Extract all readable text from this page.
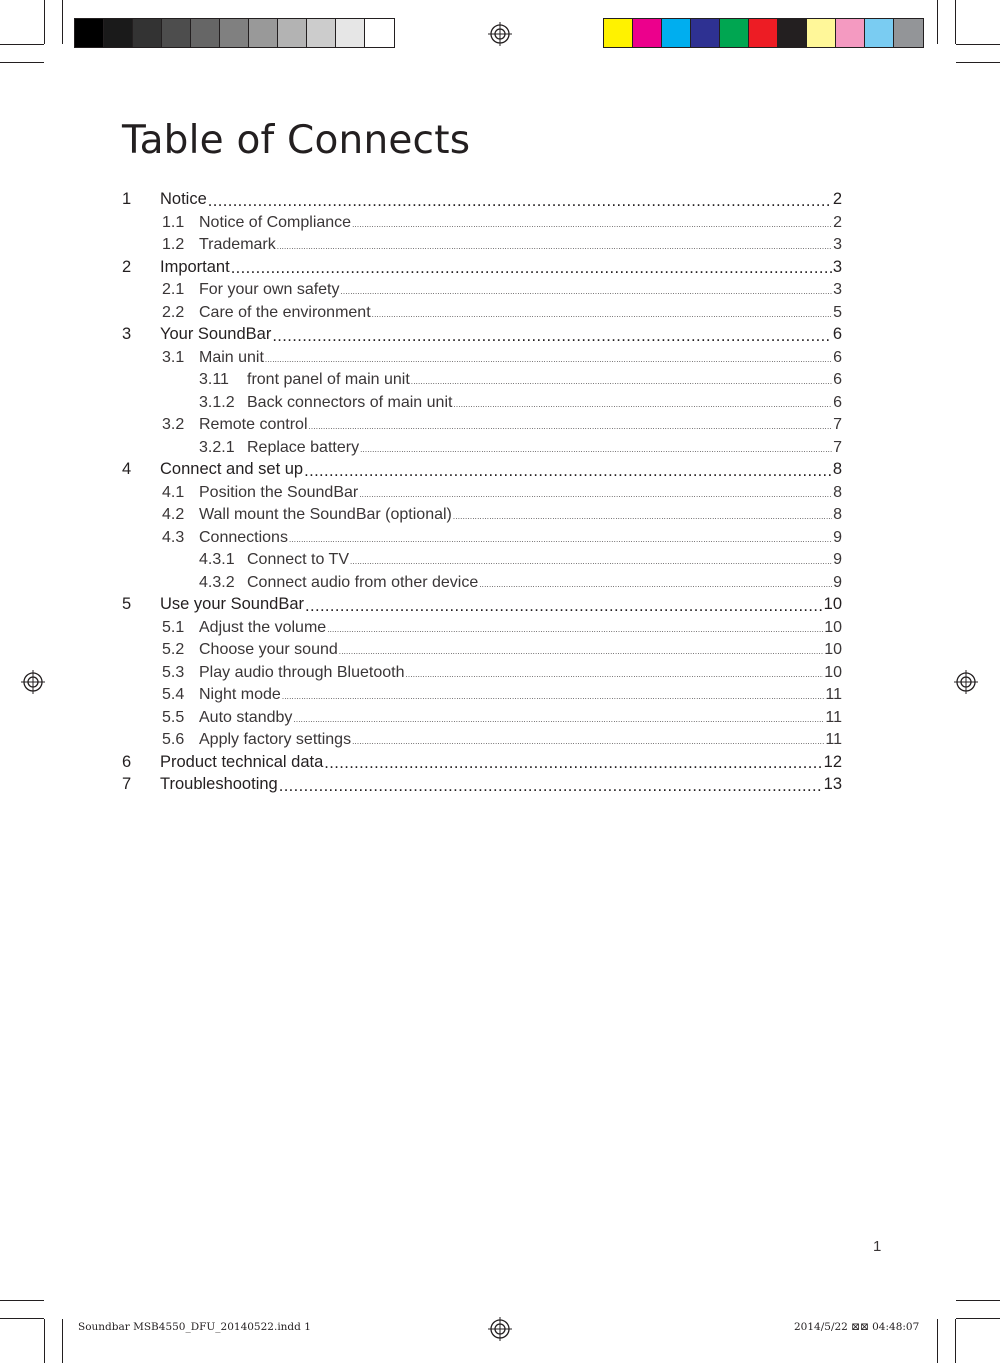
Table of Connects
1 Notice .....	2
1.1 Notice of Compliance .....	2
1.2 Trademark .....	3
2 Important .....	3
2.1 For your own safety .....	3
2.2 Care of the environment .....	5
3 Your SoundBar .....	6
3.1 Main unit .....	6
3.11 front panel of main unit .....	6
3.1.2 Back connectors of main unit .....	6
3.2 Remote control .....	7
3.2.1 Replace battery .....	7
4 Connect and set up .....	8
4.1 Position the SoundBar .....	8
4.2 Wall mount the SoundBar (optional) .....	8
4.3 Connections .....	9
4.3.1 Connect to TV .....	9
4.3.2 Connect audio from other device .....	9
5 Use your SoundBar .....	10
5.1 Adjust the volume .....	10
5.2 Choose your sound .....	10
5.3 Play audio through Bluetooth .....	10
5.4 Night mode .....	11
5.5 Auto standby .....	11
5.6 Apply factory settings .....	11
6 Product technical data .....	12
7 Troubleshooting .....	13
1
Soundbar MSB4550_DFU_20140522.indd 1	2014/5/22 ⊠⊠ 04:48:07
